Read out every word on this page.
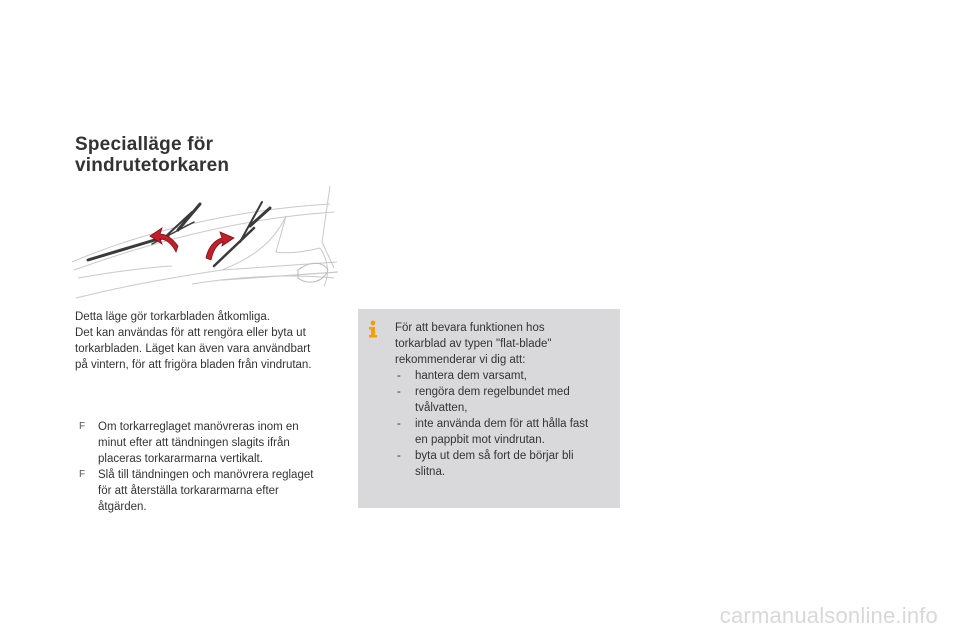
Specialläge för
vindrutetorkaren
Detta läge gör torkarbladen åtkomliga.
Det kan användas för att rengöra eller byta ut
torkarbladen. Läget kan även vara användbart
på vintern, för att frigöra bladen från vindrutan.
F Om torkarreglaget manövreras inom en
minut efter att tändningen slagits ifrån
placeras torkararmarna vertikalt.
F Slå till tändningen och manövrera reglaget
för att återställa torkararmarna efter
åtgärden.
För att bevara funktionen hos
torkarblad av typen "flat-blade"
rekommenderar vi dig att:
- hantera dem varsamt,
- rengöra dem regelbundet med
tvålvatten,
- inte använda dem för att hålla fast
en pappbit mot vindrutan.
- byta ut dem så fort de börjar bli
slitna.
carmanualsonline.info
